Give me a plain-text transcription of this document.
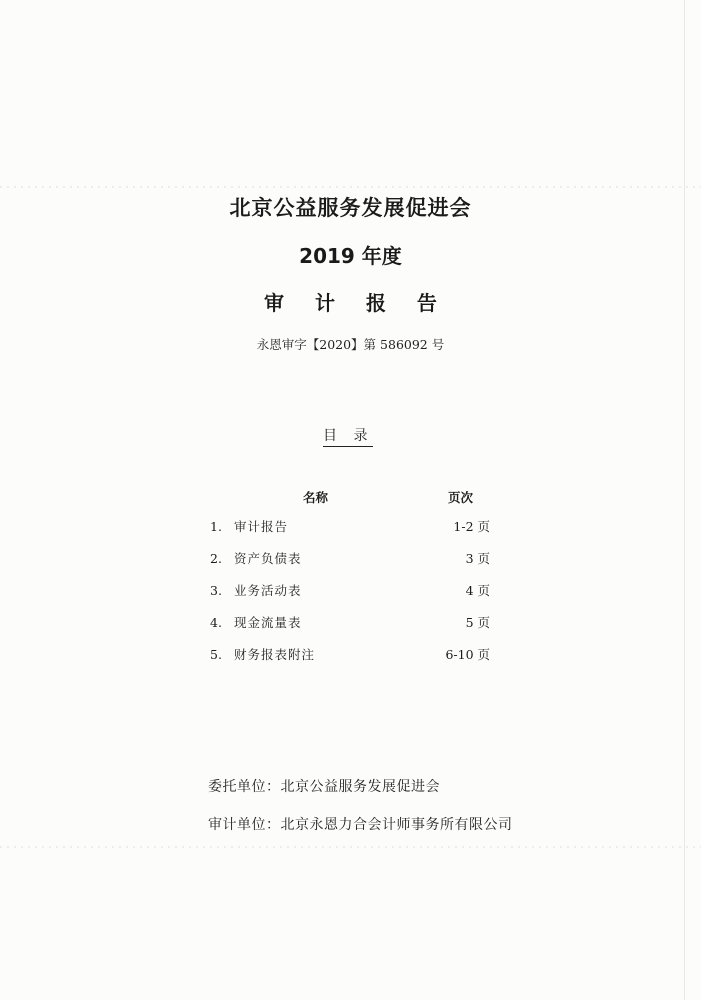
北京公益服务发展促进会
2019 年度
审 计 报 告
永恩审字【2020】第 586092 号
目 录
名称	页次
1. 审计报告	1-2 页
2. 资产负债表	3 页
3. 业务活动表	4 页
4. 现金流量表	5 页
5. 财务报表附注	6-10 页
委托单位：北京公益服务发展促进会
审计单位：北京永恩力合会计师事务所有限公司
